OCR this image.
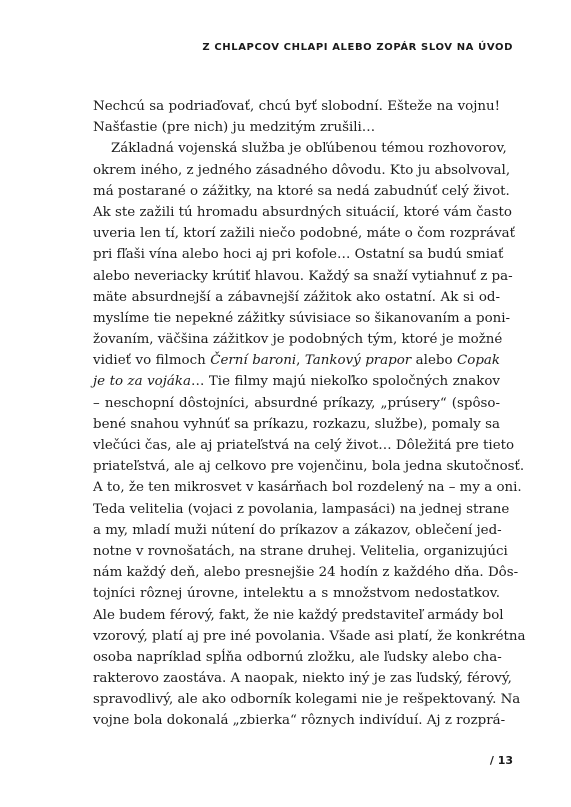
Z CHLAPCOV CHLAPI ALEBO ZOPÁR SLOV NA ÚVOD
Nechcú sa podriaďovať, chcú byť slobodní. Ešteže na vojnu!
Našťastie (pre nich) ju medzitým zrušili…
Základná vojenská služba je obľúbenou témou rozhovorov,
okrem iného, z jedného zásadného dôvodu. Kto ju absolvoval,
má postarané o zážitky, na ktoré sa nedá zabudnúť celý život.
Ak ste zažili tú hromadu absurdných situácií, ktoré vám často
uveria len tí, ktorí zažili niečo podobné, máte o čom rozprávať
pri fľaši vína alebo hoci aj pri kofole… Ostatní sa budú smiať
alebo neveriacky krútiť hlavou. Každý sa snaží vytiahnuť z pa-
mäte absurdnejší a zábavnejší zážitok ako ostatní. Ak si od-
myslíme tie nepekné zážitky súvisiace so šikanovaním a poni-
žovaním, väčšina zážitkov je podobných tým, ktoré je možné
vidieť vo filmoch Černí baroni, Tankový prapor alebo Copak
je to za vojáka… Tie filmy majú niekoľko spoločných znakov
– neschopní dôstojníci, absurdné príkazy, „prúsery“ (spôso-
bené snahou vyhnúť sa príkazu, rozkazu, službe), pomaly sa
vlečúci čas, ale aj priateľstvá na celý život… Dôležitá pre tieto
priateľstvá, ale aj celkovo pre vojenčinu, bola jedna skutočnosť.
A to, že ten mikrosvet v kasárňach bol rozdelený na – my a oni.
Teda velitelia (vojaci z povolania, lampasáci) na jednej strane
a my, mladí muži nútení do príkazov a zákazov, oblečení jed-
notne v rovnošatách, na strane druhej. Velitelia, organizujúci
nám každý deň, alebo presnejšie 24 hodín z každého dňa. Dôs-
tojníci rôznej úrovne, intelektu a s množstvom nedostatkov.
Ale budem férový, fakt, že nie každý predstaviteľ armády bol
vzorový, platí aj pre iné povolania. Všade asi platí, že konkrétna
osoba napríklad spĺňa odbornú zložku, ale ľudsky alebo cha-
rakterovo zaostáva. A naopak, niekto iný je zas ľudský, férový,
spravodlivý, ale ako odborník kolegami nie je rešpektovaný. Na
vojne bola dokonalá „zbierka“ rôznych indivíduí. Aj z rozprá-
/ 13
